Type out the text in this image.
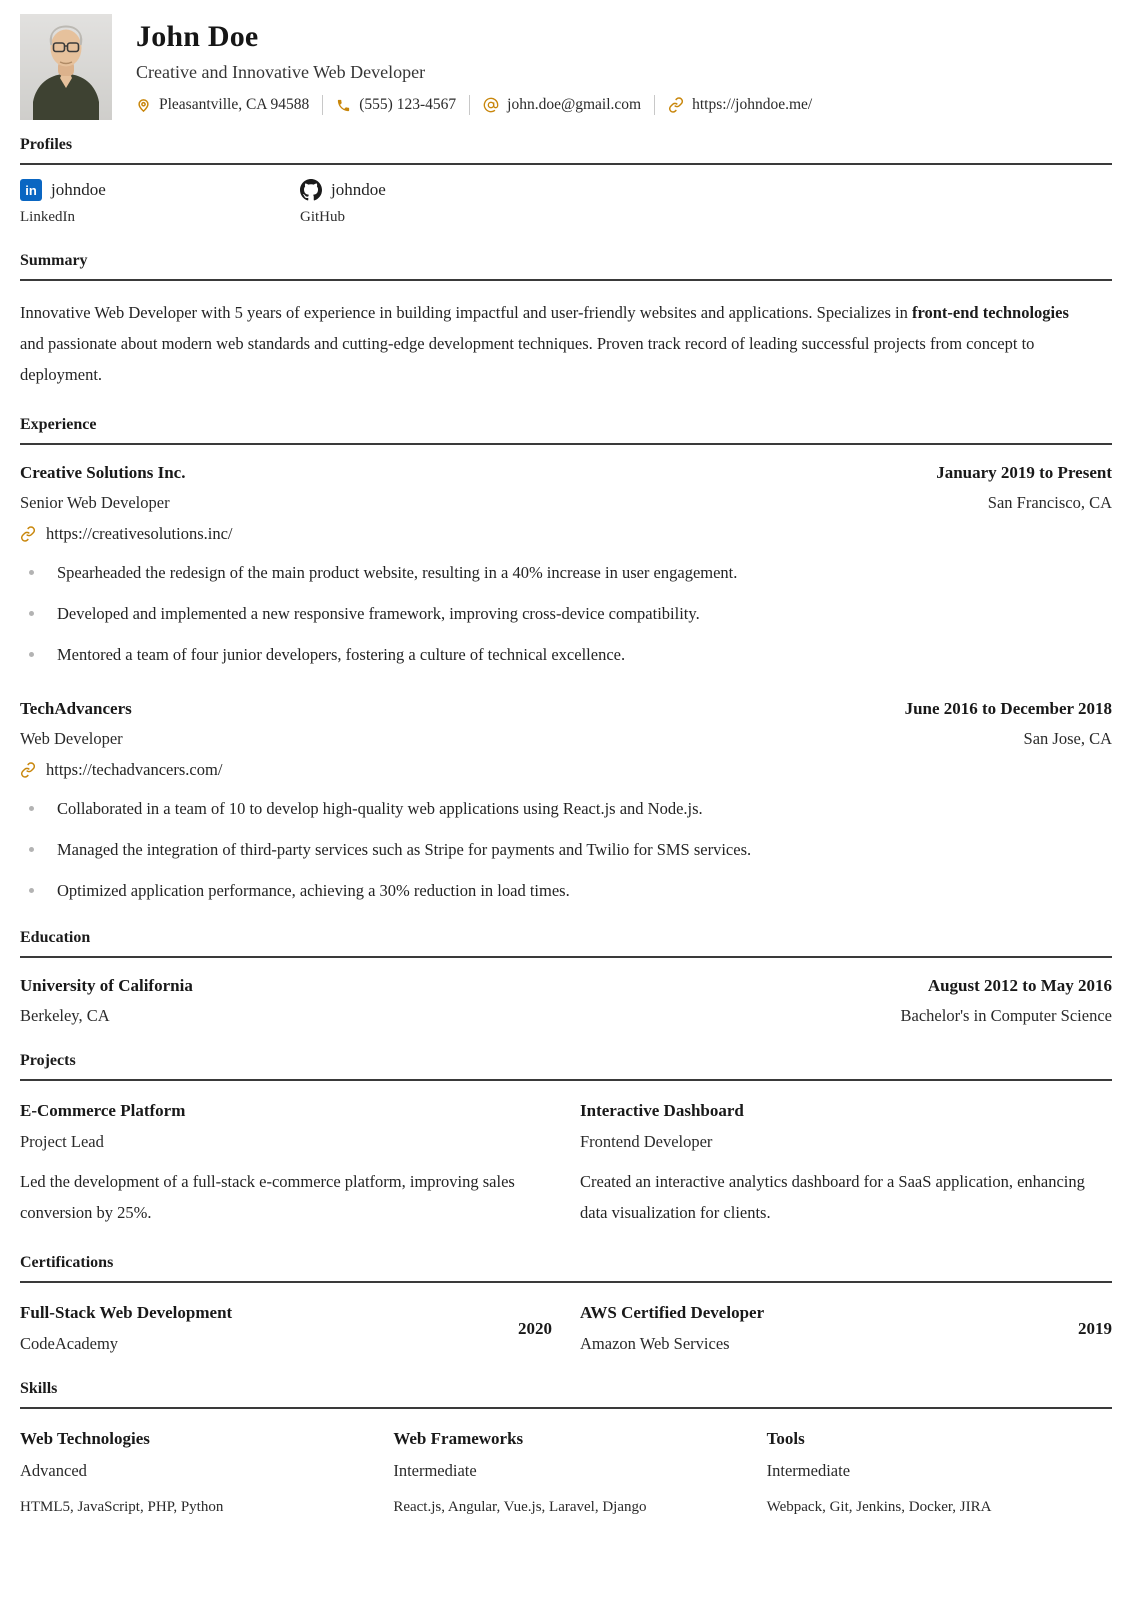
John Doe
Creative and Innovative Web Developer
Pleasantville, CA 94588	(555) 123-4567	john.doe@gmail.com	https://johndoe.me/
Profiles
in johndoe
LinkedIn
johndoe
GitHub
Summary
Innovative Web Developer with 5 years of experience in building impactful and user-friendly websites and applications. Specializes in front-end technologies and passionate about modern web standards and cutting-edge development techniques. Proven track record of leading successful projects from concept to deployment.
Experience
Creative Solutions Inc.	January 2019 to Present
Senior Web Developer	San Francisco, CA
https://creativesolutions.inc/
Spearheaded the redesign of the main product website, resulting in a 40% increase in user engagement.
Developed and implemented a new responsive framework, improving cross-device compatibility.
Mentored a team of four junior developers, fostering a culture of technical excellence.
TechAdvancers	June 2016 to December 2018
Web Developer	San Jose, CA
https://techadvancers.com/
Collaborated in a team of 10 to develop high-quality web applications using React.js and Node.js.
Managed the integration of third-party services such as Stripe for payments and Twilio for SMS services.
Optimized application performance, achieving a 30% reduction in load times.
Education
University of California	August 2012 to May 2016
Berkeley, CA	Bachelor's in Computer Science
Projects
E-Commerce Platform
Project Lead
Led the development of a full-stack e-commerce platform, improving sales conversion by 25%.
Interactive Dashboard
Frontend Developer
Created an interactive analytics dashboard for a SaaS application, enhancing data visualization for clients.
Certifications
Full-Stack Web Development
CodeAcademy
2020
AWS Certified Developer
Amazon Web Services
2019
Skills
Web Technologies
Advanced
HTML5, JavaScript, PHP, Python
Web Frameworks
Intermediate
React.js, Angular, Vue.js, Laravel, Django
Tools
Intermediate
Webpack, Git, Jenkins, Docker, JIRA
